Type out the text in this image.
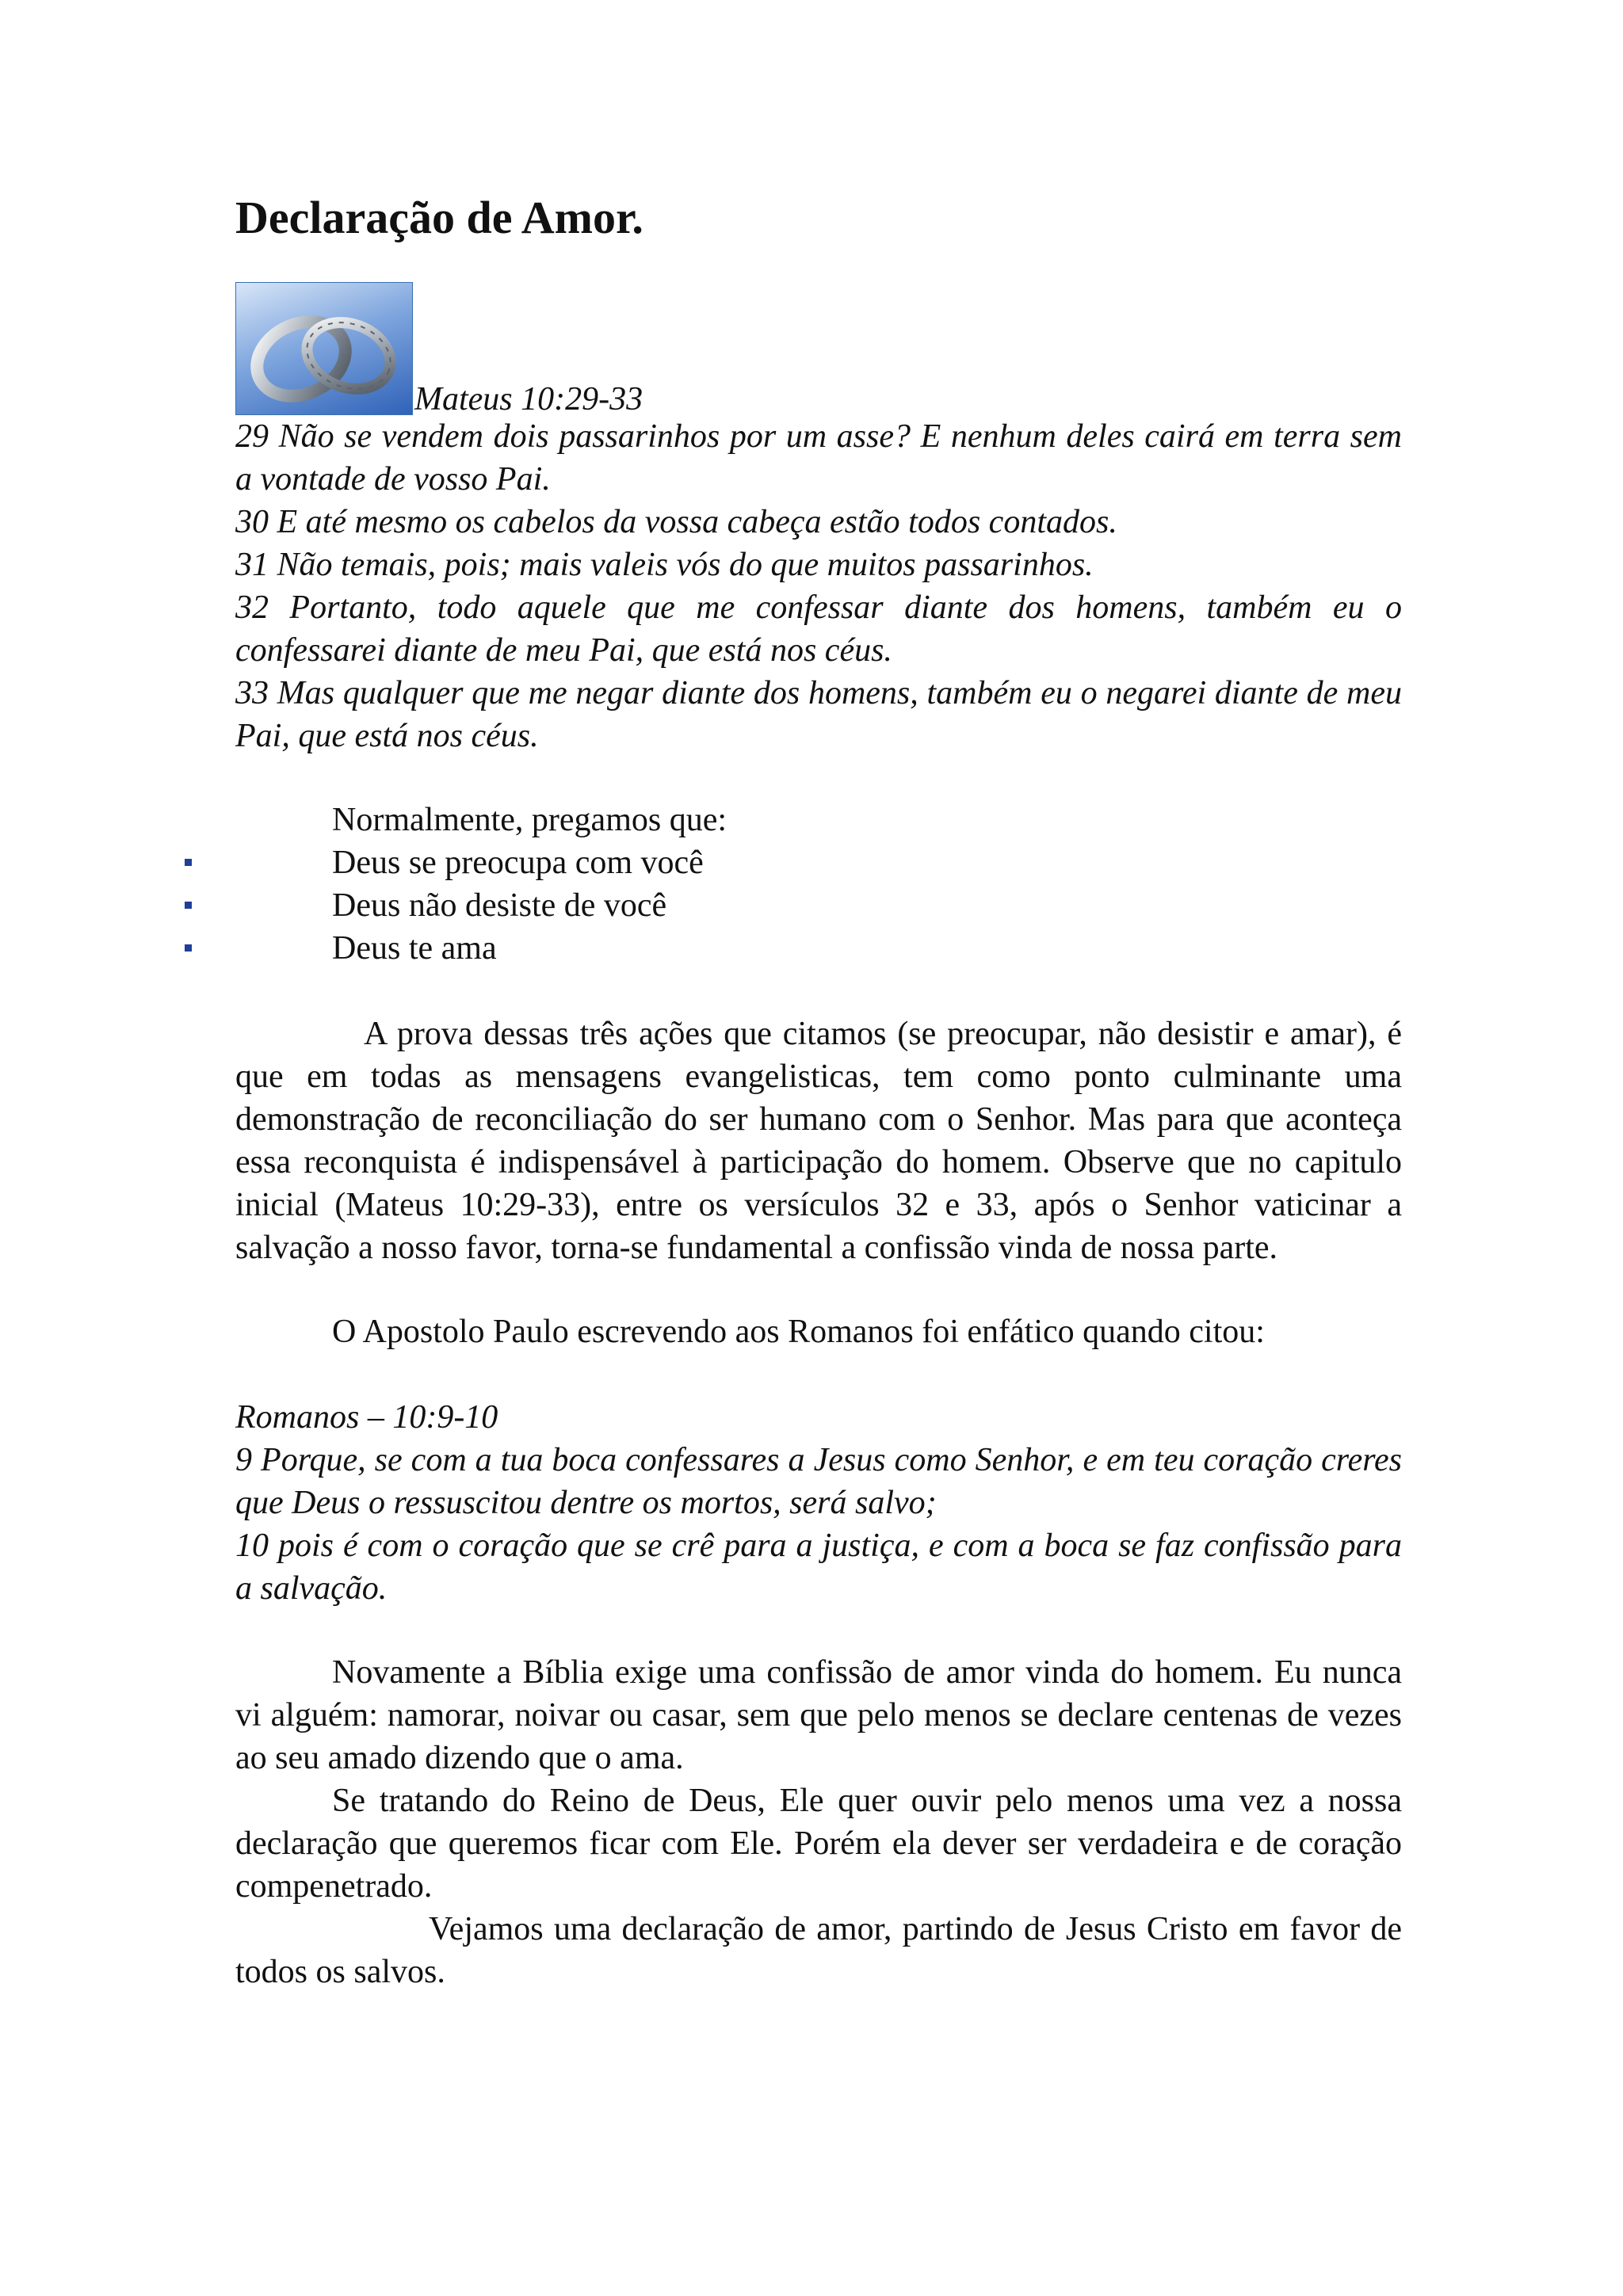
Declaração de Amor.
Mateus 10:29-33

29 Não se vendem dois passarinhos por um asse? E nenhum deles cairá em terra sem a vontade de vosso Pai.

30 E até mesmo os cabelos da vossa cabeça estão todos contados.

31 Não temais, pois; mais valeis vós do que muitos passarinhos.

32 Portanto, todo aquele que me confessar diante dos homens, também eu o confessarei diante de meu Pai, que está nos céus.

33 Mas qualquer que me negar diante dos homens, também eu o negarei diante de meu Pai, que está nos céus.

Normalmente, pregamos que:
Deus se preocupa com você
Deus não desiste de você
Deus te ama

A prova dessas três ações que citamos (se preocupar, não desistir e amar), é que em todas as mensagens evangelisticas, tem como ponto culminante uma demonstração de reconciliação do ser humano com o Senhor. Mas para que aconteça essa reconquista é indispensável à participação do homem. Observe que no capitulo inicial (Mateus 10:29-33), entre os versículos 32 e 33, após o Senhor vaticinar a salvação a nosso favor, torna-se fundamental a confissão vinda de nossa parte.

O Apostolo Paulo escrevendo aos Romanos foi enfático quando citou:

Romanos – 10:9-10

9 Porque, se com a tua boca confessares a Jesus como Senhor, e em teu coração creres que Deus o ressuscitou dentre os mortos, será salvo;

10 pois é com o coração que se crê para a justiça, e com a boca se faz confissão para a salvação.

Novamente a Bíblia exige uma confissão de amor vinda do homem. Eu nunca vi alguém: namorar, noivar ou casar, sem que pelo menos se declare centenas de vezes ao seu amado dizendo que o ama.

Se tratando do Reino de Deus, Ele quer ouvir pelo menos uma vez a nossa declaração que queremos ficar com Ele. Porém ela dever ser verdadeira e de coração compenetrado.

Vejamos uma declaração de amor, partindo de Jesus Cristo em favor de todos os salvos.
